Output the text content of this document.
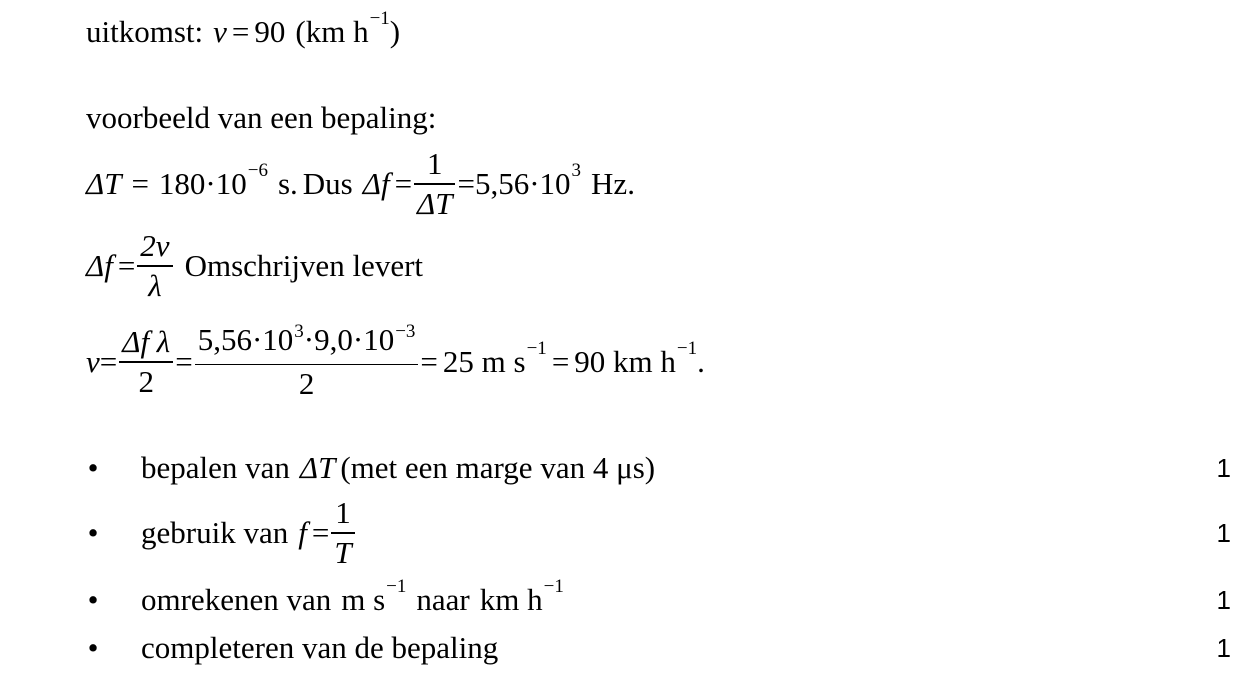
uitkomst: v = 90 (km h −1 )
voorbeeld van een bepaling:
ΔT = 180·10 −6 s. Dus $\Delta f = \frac{1}{\Delta T} = 5,56\cdot 10$ 3 Hz .
$\Delta f = \frac{2v}{\lambda}$ Omschrijven levert
$v = \frac{\text{Δf λ}}{2} = \frac{5,56\cdot 10^3\cdot 9,0\cdot 10^{-3}}{2} = 25$ m s −1 = 90 km h −1 .
• bepalen van ΔT (met een marge van 4 μs)	1
• gebruik van $f = \frac{1}{T}$	1
• omrekenen van m s −1 naar km h −1	1
• completeren van de bepaling	1
